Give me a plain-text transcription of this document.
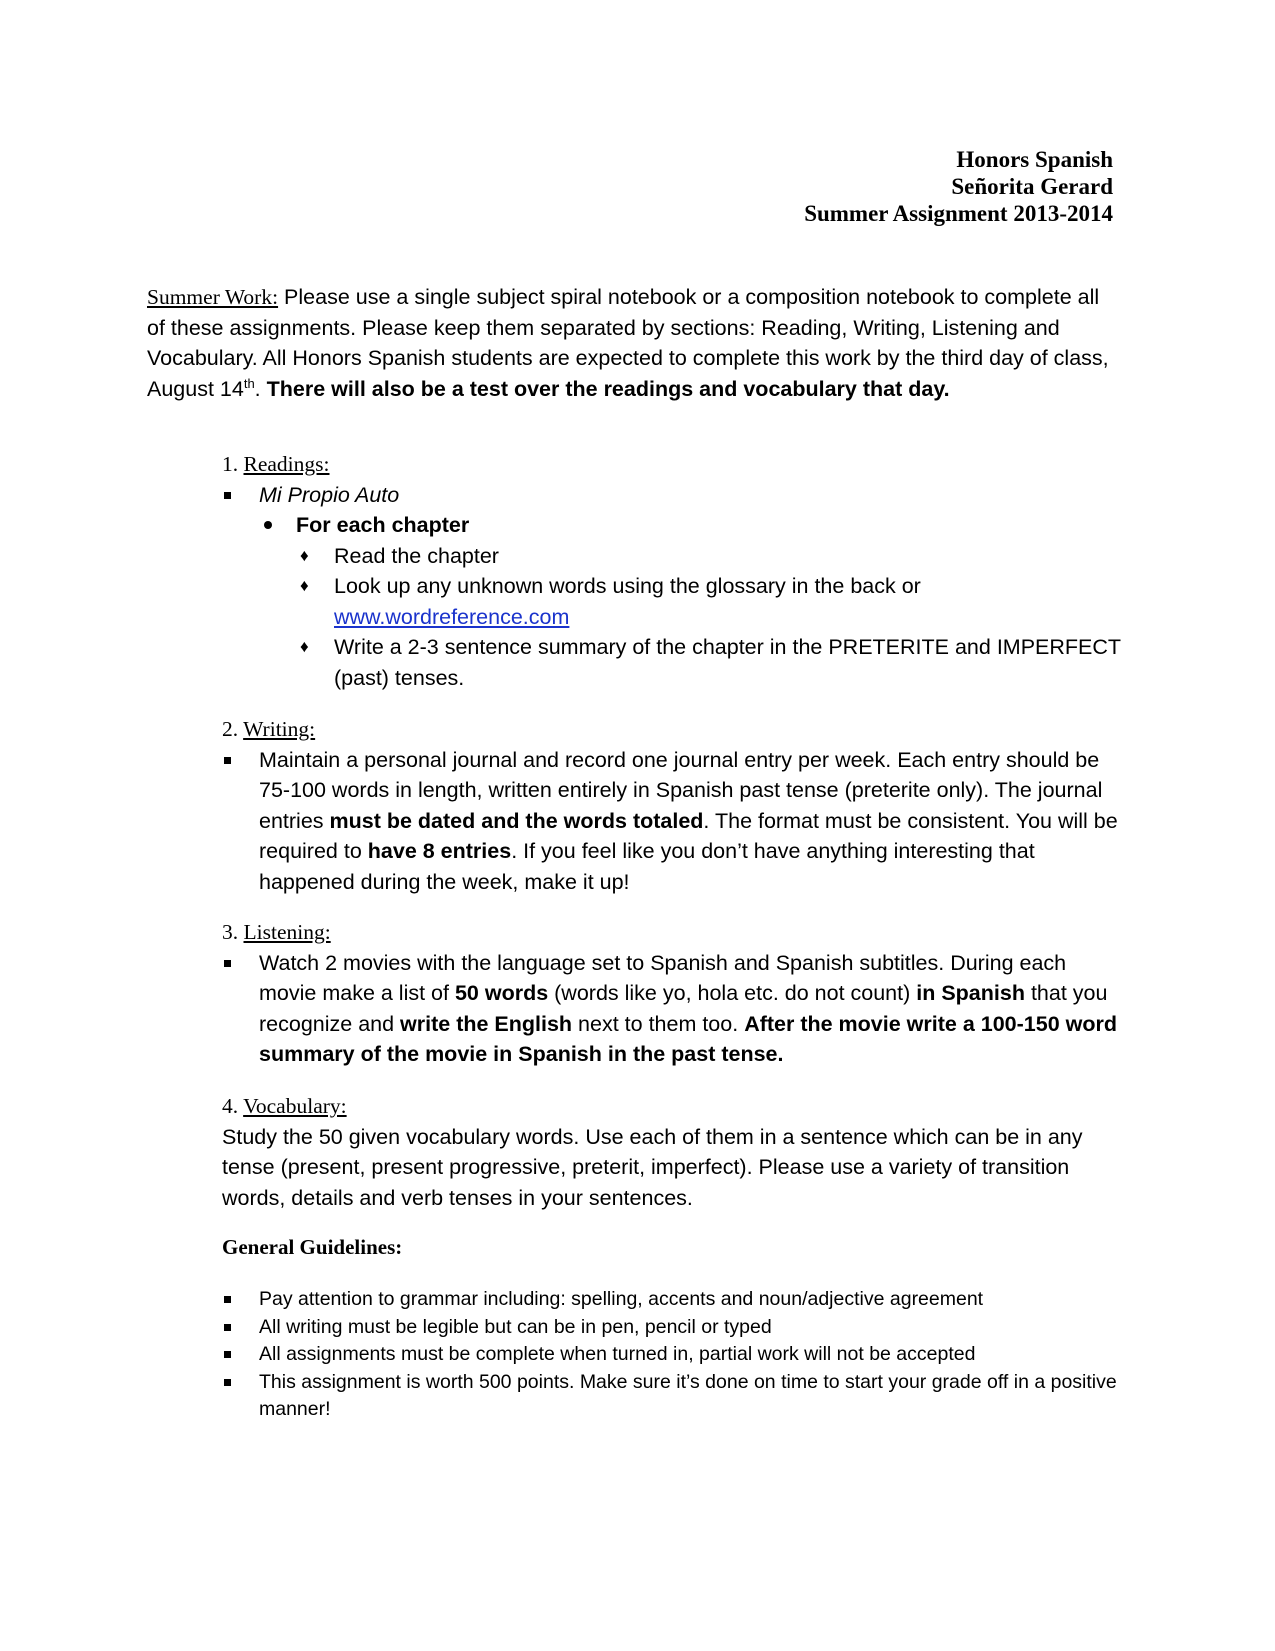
Honors Spanish
Señorita Gerard
Summer Assignment 2013-2014
Summer Work: Please use a single subject spiral notebook or a composition notebook to complete all of these assignments. Please keep them separated by sections: Reading, Writing, Listening and Vocabulary. All Honors Spanish students are expected to complete this work by the third day of class, August 14th. There will also be a test over the readings and vocabulary that day.
1. Readings:
Mi Propio Auto
For each chapter
♦ Read the chapter
♦ Look up any unknown words using the glossary in the back or www.wordreference.com
♦ Write a 2-3 sentence summary of the chapter in the PRETERITE and IMPERFECT (past) tenses.
2. Writing:
Maintain a personal journal and record one journal entry per week. Each entry should be 75-100 words in length, written entirely in Spanish past tense (preterite only). The journal entries must be dated and the words totaled. The format must be consistent. You will be required to have 8 entries. If you feel like you don’t have anything interesting that happened during the week, make it up!
3. Listening:
Watch 2 movies with the language set to Spanish and Spanish subtitles. During each movie make a list of 50 words (words like yo, hola etc. do not count) in Spanish that you recognize and write the English next to them too. After the movie write a 100-150 word summary of the movie in Spanish in the past tense.
4. Vocabulary:
Study the 50 given vocabulary words. Use each of them in a sentence which can be in any tense (present, present progressive, preterit, imperfect). Please use a variety of transition words, details and verb tenses in your sentences.
General Guidelines:
Pay attention to grammar including: spelling, accents and noun/adjective agreement
All writing must be legible but can be in pen, pencil or typed
All assignments must be complete when turned in, partial work will not be accepted
This assignment is worth 500 points. Make sure it’s done on time to start your grade off in a positive manner!
